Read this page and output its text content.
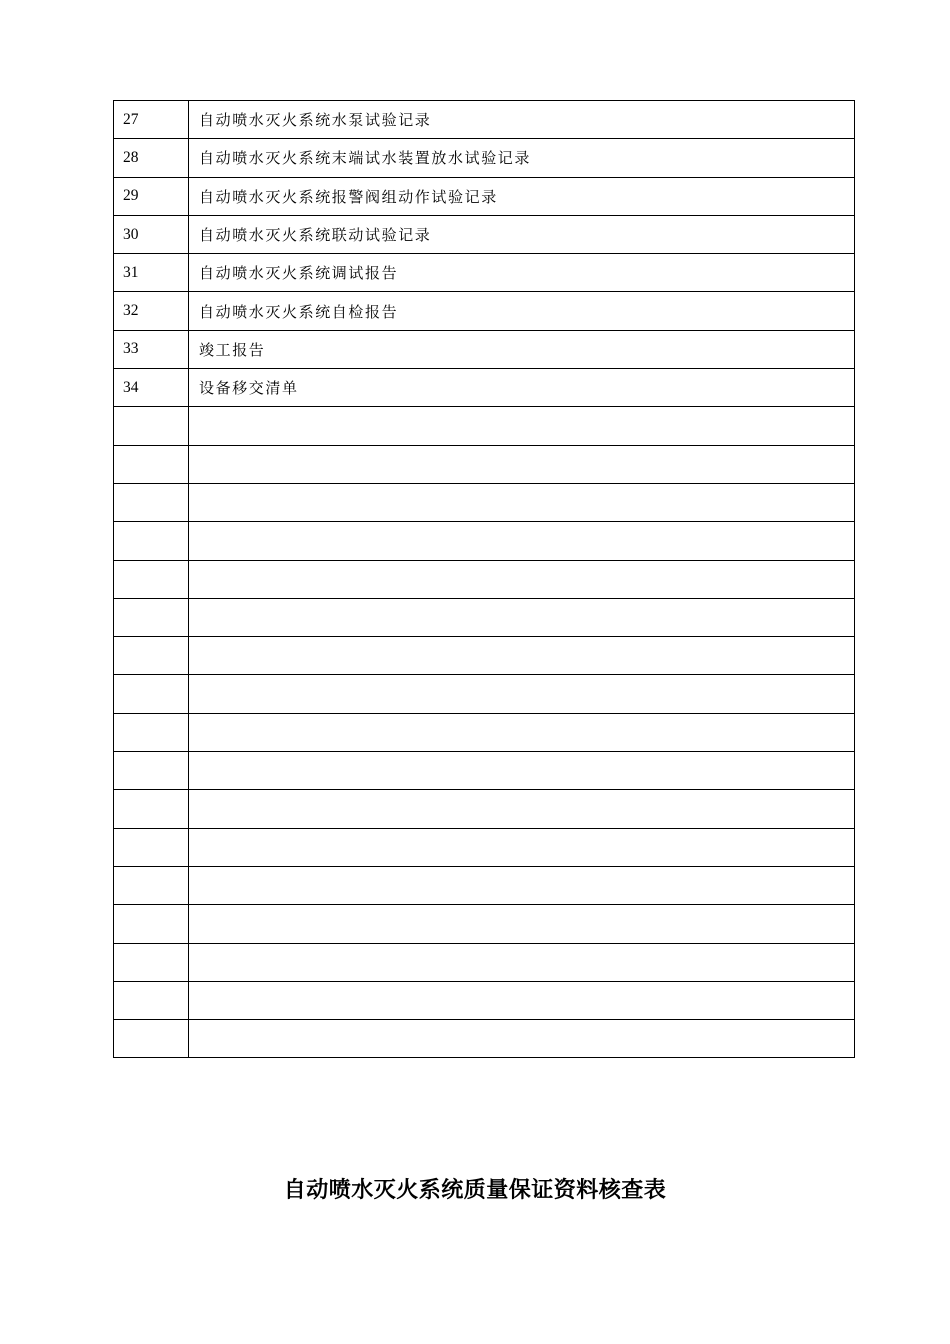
27	自动喷水灭火系统水泵试验记录
28	自动喷水灭火系统末端试水装置放水试验记录
29	自动喷水灭火系统报警阀组动作试验记录
30	自动喷水灭火系统联动试验记录
31	自动喷水灭火系统调试报告
32	自动喷水灭火系统自检报告
33	竣工报告
34	设备移交清单

自动喷水灭火系统质量保证资料核查表
